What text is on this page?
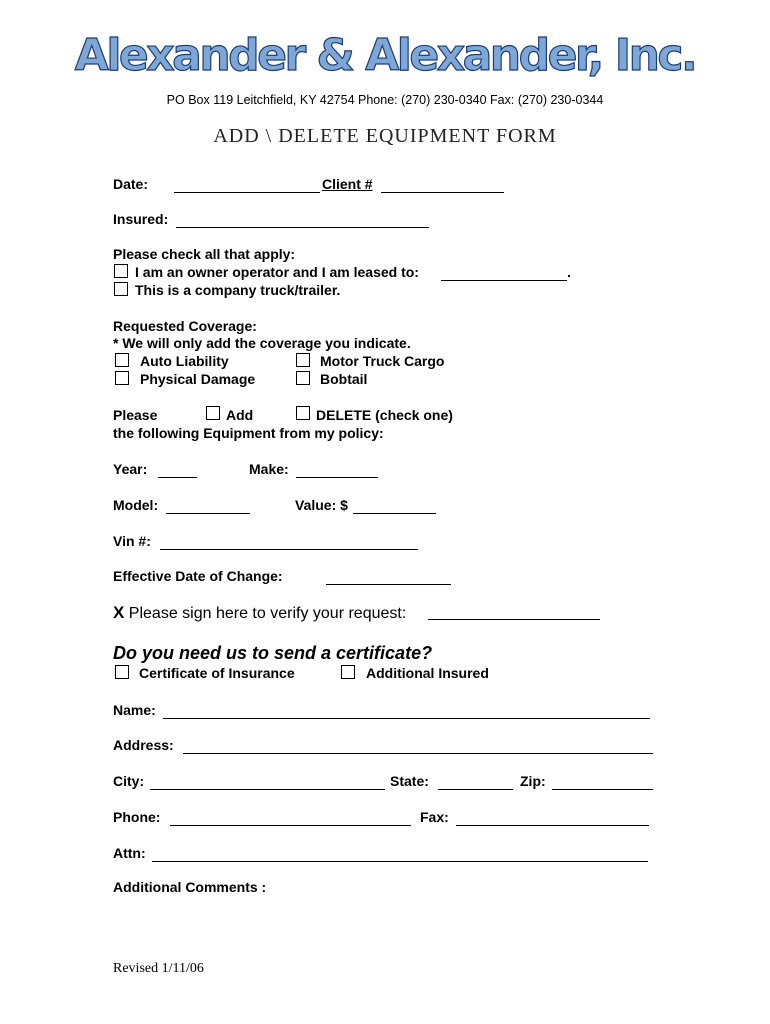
Alexander & Alexander, Inc.
PO Box 119 Leitchfield, KY 42754 Phone: (270) 230-0340 Fax: (270) 230-0344
ADD \ DELETE EQUIPMENT FORM
Date:	Client #
Insured:
Please check all that apply:
I am an owner operator and I am leased to:	.
This is a company truck/trailer.
Requested Coverage:
* We will only add the coverage you indicate.
Auto Liability	Motor Truck Cargo
Physical Damage	Bobtail
Please	Add	DELETE (check one)
the following Equipment from my policy:
Year:	Make:
Model:	Value: $
Vin #:
Effective Date of Change:
X Please sign here to verify your request:
Do you need us to send a certificate?
Certificate of Insurance	Additional Insured
Name:
Address:
City:	State:	Zip:
Phone:	Fax:
Attn:
Additional Comments :
Revised 1/11/06
